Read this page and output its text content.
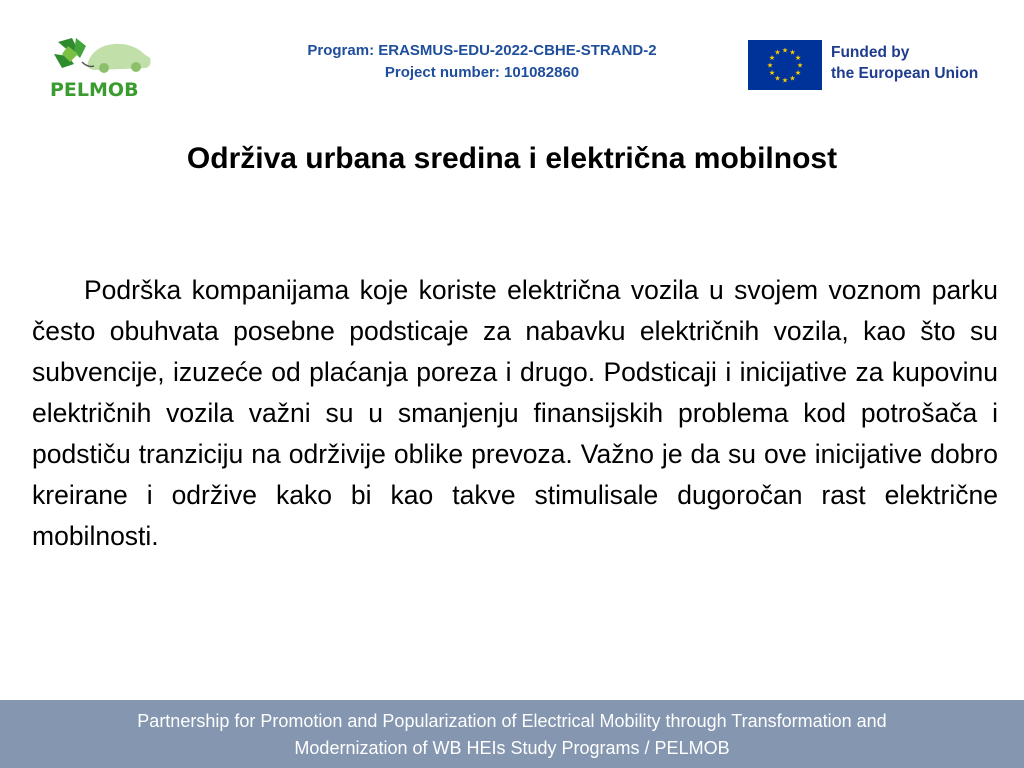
PELMOB
Program: ERASMUS-EDU-2022-CBHE-STRAND-2
Project number: 101082860
★ ★
★
★
★
★
★
★
★
★
★
★	Funded by
the European Union
Održiva urbana sredina i električna mobilnost

Podrška kompanijama koje koriste električna vozila u svojem voznom parku često obuhvata posebne podsticaje za nabavku električnih vozila, kao što su subvencije, izuzeće od plaćanja poreza i drugo. Podsticaji i inicijative za kupovinu električnih vozila važni su u smanjenju finansijskih problema kod potrošača i podstiču tranziciju na održivije oblike prevoza. Važno je da su ove inicijative dobro kreirane i održive kako bi kao takve stimulisale dugoročan rast električne mobilnosti.

Partnership for Promotion and Popularization of Electrical Mobility through Transformation and
Modernization of WB HEIs Study Programs / PELMOB
